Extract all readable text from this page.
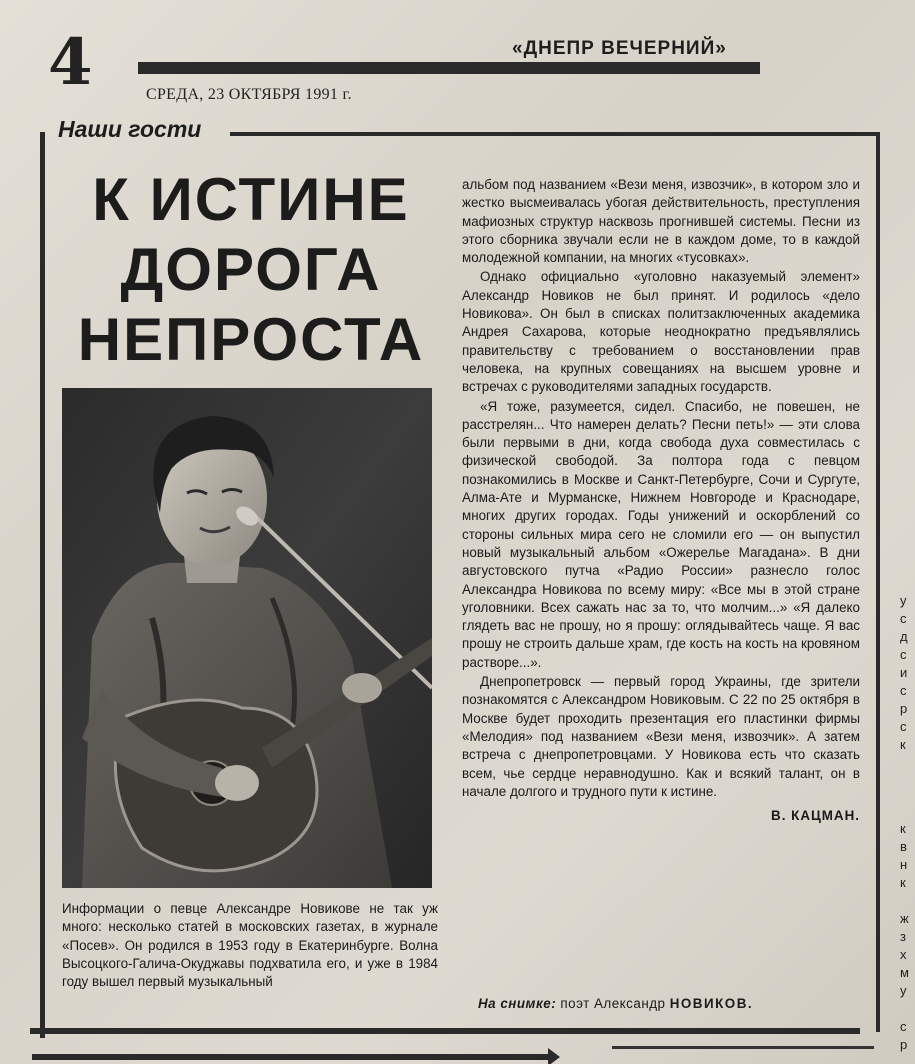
4	«ДНЕПР ВЕЧЕРНИЙ»
СРЕДА, 23 ОКТЯБРЯ 1991 г.
Наши гости
К ИСТИНЕ
ДОРОГА
НЕПРОСТА

Информации о певце Александре Новикове не так уж много: несколько статей в московских газетах, в журнале «Посев». Он родился в 1953 году в Екатеринбурге. Волна Высоцкого-Галича-Окуджавы подхватила его, и уже в 1984 году вышел первый музыкальный

альбом под названием «Вези меня, извозчик», в котором зло и жестко высмеивалась убогая действительность, преступления мафиозных структур насквозь прогнившей системы. Песни из этого сборника звучали если не в каждом доме, то в каждой молодежной компании, на многих «тусовках».

Однако официально «уголовно наказуемый элемент» Александр Новиков не был принят. И родилось «дело Новикова». Он был в списках политзаключенных академика Андрея Сахарова, которые неоднократно предъявлялись правительству с требованием о восстановлении прав человека, на крупных совещаниях на высшем уровне и встречах с руководителями западных государств.

«Я тоже, разумеется, сидел. Спасибо, не повешен, не расстрелян... Что намерен делать? Песни петь!» — эти слова были первыми в дни, когда свобода духа совместилась с физической свободой. За полтора года с певцом познакомились в Москве и Санкт-Петербурге, Сочи и Сургуте, Алма-Ате и Мурманске, Нижнем Новгороде и Краснодаре, многих других городах. Годы унижений и оскорблений со стороны сильных мира сего не сломили его — он выпустил новый музыкальный альбом «Ожерелье Магадана». В дни августовского путча «Радио России» разнесло голос Александра Новикова по всему миру: «Все мы в этой стране уголовники. Всех сажать нас за то, что молчим...» «Я далеко глядеть вас не прошу, но я прошу: оглядывайтесь чаще. Я вас прошу не строить дальше храм, где кость на кость на кровяном растворе...».

Днепропетровск — первый город Украины, где зрители познакомятся с Александром Новиковым. С 22 по 25 октября в Москве будет проходить презентация его пластинки фирмы «Мелодия» под названием «Вези меня, извозчик». А затем встреча с днепропетровцами. У Новикова есть что сказать всем, чье сердце неравнодушно. Как и всякий талант, он в начале долгого и трудного пути к истине.

В. КАЦМАН.

На снимке: поэт Александр НОВИКОВ.
у
с
д
с
и
с
р
с
к
к
в
н
к

ж
з
х
м
у

с
р
